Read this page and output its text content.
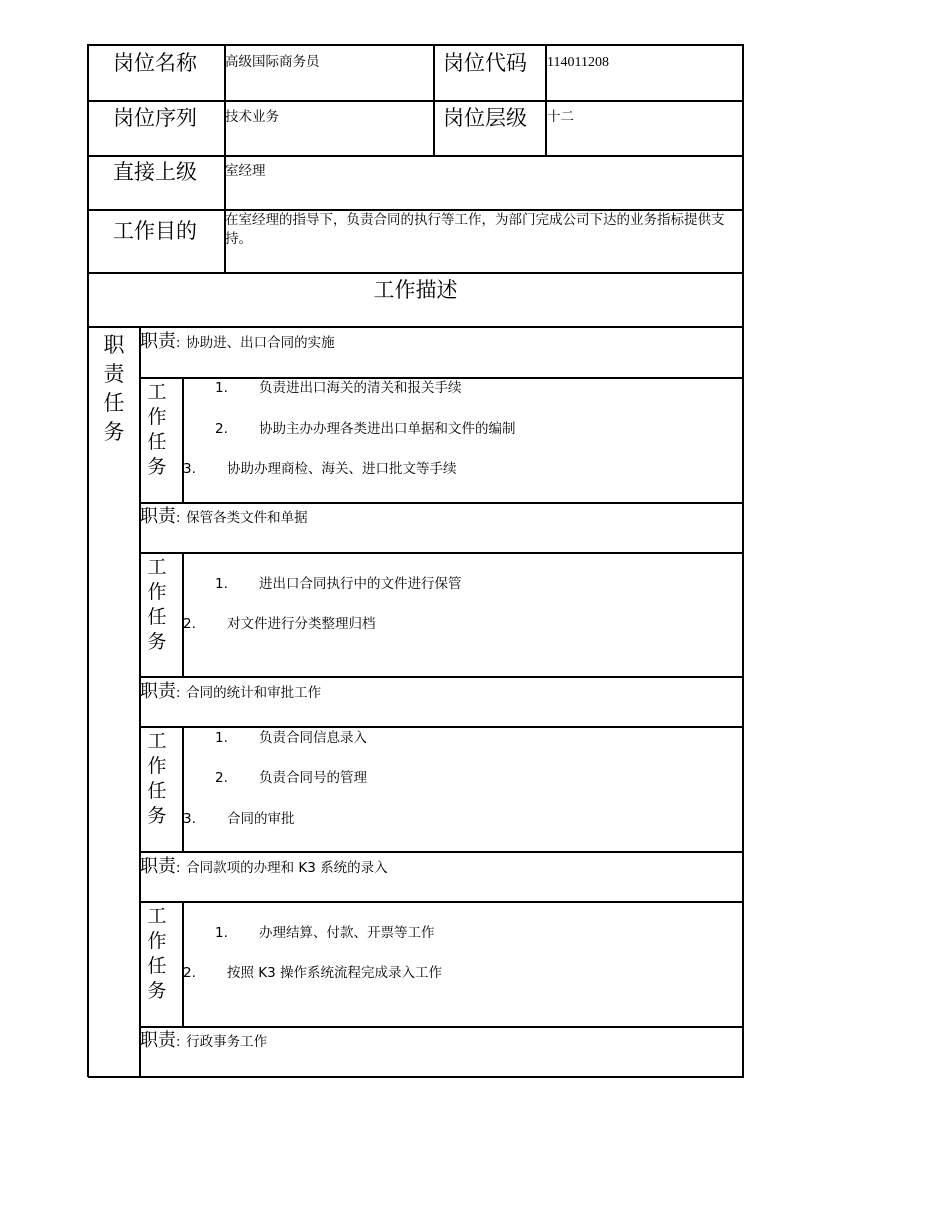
岗位名称 高级国际商务员	岗位代码 114011208
岗位序列 技术业务	岗位层级 十二
直接上级 室经理
工作目的 在室经理的指导下，负责合同的执行等工作，为部门完成公司下达的业务指标提供支持。
工作描述
职
责
任
务
职责: 协助进、出口合同的实施
工
作
任
务
1. 负责进出口海关的清关和报关手续
2. 协助主办办理各类进出口单据和文件的编制
3. 协助办理商检、海关、进口批文等手续
职责: 保管各类文件和单据
工
作
任
务
1. 进出口合同执行中的文件进行保管
2. 对文件进行分类整理归档
职责: 合同的统计和审批工作
工
作
任
务
1. 负责合同信息录入
2. 负责合同号的管理
3. 合同的审批
职责: 合同款项的办理和 K3 系统的录入
工
作
任
务
1. 办理结算、付款、开票等工作
2. 按照 K3 操作系统流程完成录入工作
职责: 行政事务工作
